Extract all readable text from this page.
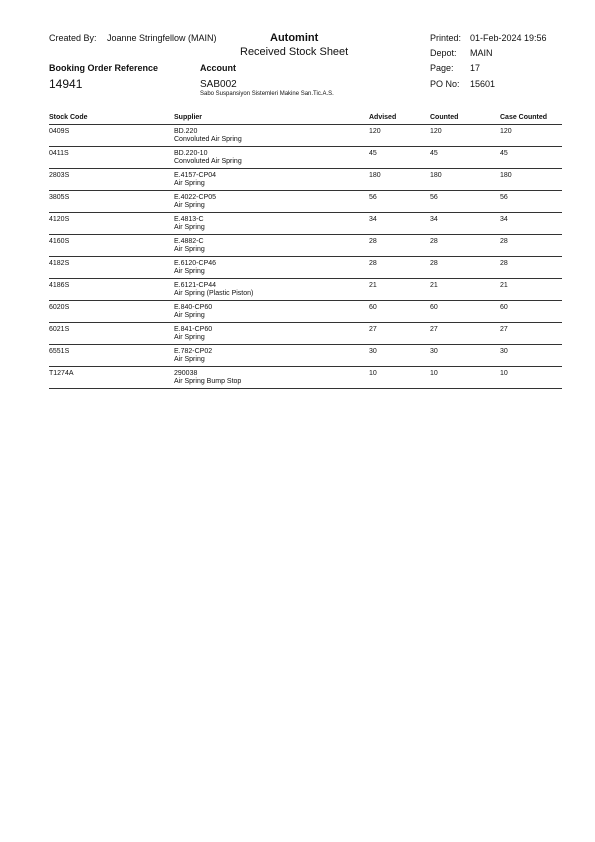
Created By: Joanne Stringfellow (MAIN)	Automint
Received Stock Sheet
Printed: 01-Feb-2024 19:56
Depot: MAIN
Booking Order Reference	Account	Page: 17
14941	SAB002	PO No: 15601
Sabo Suspansiyon Sistemleri Makine San.Tic.A.S.
Stock Code	Supplier	Advised	Counted	Case Counted
0409S	BD.220
Convoluted Air Spring
120	120	120
0411S	BD.220-10
Convoluted Air Spring
45	45	45
2803S	E.4157-CP04
Air Spring
180	180	180
3805S	E.4022-CP05
Air Spring
56	56	56
4120S	E.4813-C
Air Spring
34	34	34
4160S	E.4882-C
Air Spring
28	28	28
4182S	E.6120-CP46
Air Spring
28	28	28
4186S	E.6121-CP44
Air Spring (Plastic Piston)
21	21	21
6020S	E.840-CP60
Air Spring
60	60	60
6021S	E.841-CP60
Air Spring
27	27	27
6551S	E.782-CP02
Air Spring
30	30	30
T1274A	290038
Air Spring Bump Stop
10	10	10
